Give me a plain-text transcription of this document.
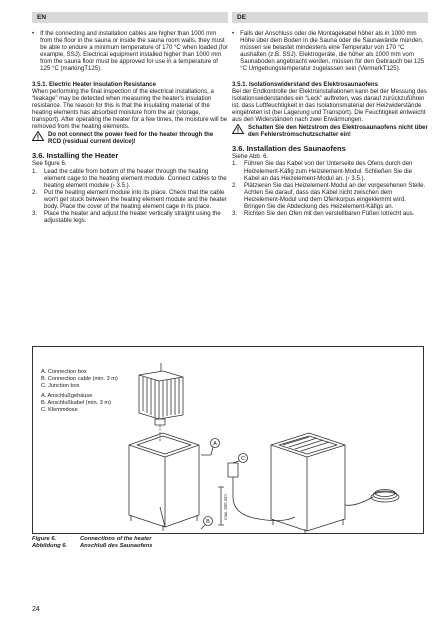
EN	DE
• If the connecting and installation cables are higher than 1000 mm from the floor in the sauna or inside the sauna room walls, they must be able to endure a minimum temperature of 170 °C when loaded (for example, SSJ). Electrical equipment installed higher than 1000 mm from the sauna floor must be approved for use in a temperature of 125 °C (markingT125).
3.5.1. Electric Heater Insulation Resistance

When performing the final inspection of the electrical installations, a “leakage” may be detected when measuring the heater's insulation resistance. The reason for this is that the insulating material of the heating elements has absorbed moisture from the air (storage, transport). After operating the heater for a few times, the moisture will be removed from the heating elements.

Do not connect the power feed for the heater through the RCD (residual current device)!
3.6. Installing the Heater

See figure 6.

1.	Lead the cable from bottom of the heater through the heating element cage to the heating element module. Connect cables to the heating element module (› 3.5.).
2.	Put the heating element module into its place. Check that the cable won't get stuck between the heating element module and the heater body. Place the cover of the heating element cage in its place.
3.	Place the heater and adjust the heater vertically straight using the adjustable legs.
• Falls der Anschluss oder die Montagekabel höher als in 1000 mm Höhe über dem Boden in die Sauna oder die Saunawände münden, müssen sie belastet mindestens eine Temperatur von 170 °C aushalten (z.B. SSJ). Elektrogeräte, die höher als 1000 mm vom Saunaboden angebracht werden, müssen für den Gebrauch bei 125 °C Umgebungstemperatur zugelassen sein (VermerkT125).
3.5.1. Isolationswiderstand des Elektrosaunaofens

Bei der Endkontrolle der Elektroinstallationen kann bei der Messung des Isolationswiderstandes ein “Leck” auftreten, was darauf zurückzuführen ist, dass Luftfeuchtigkeit in das Isolationsmaterial der Heizwiderstände eingetreten ist (bei Lagerung und Transport). Die Feuchtigkeit entweicht aus den Widerständen nach zwei Erwärmungen.

Schalten Sie den Netzstrom des Elektrosaunaofens nicht über den Fehlerstromschutzschalter ein!
3.6. Installation des Saunaofens

Siehe Abb. 6.

1.	Führen Sie das Kabel von der Unterseite des Ofens durch den Heizelement-Käfig zum Heizelement-Modul. Schließen Sie die Kabel an das Heizelement-Modul an. (› 3.5.).
2.	Plätzieren Sie das Heizelement-Modul an der vorgesehenen Stelle. Achten Sie darauf, dass das Kabel nicht zwischen dem Heizelement-Modul und dem Ofenkorpus eingeklemmt wird. Bringen Sie die Abdeckung des Heizelement-Käfigs an.
3.	Richten Sie den Ofen mit den verstellbaren Füßen lotrecht aus.
A. Connection box
B. Connection cable (min. 3 m)
C. Junction box
A. Anschlußgehäuse
B. Anschlußkabel (min. 3 m)
C. Klemmdose
A
C
B
max. 500 mm
Figure 6.	Connections of the heater
Abbildung 6.	Anschluß des Saunaofens
24
